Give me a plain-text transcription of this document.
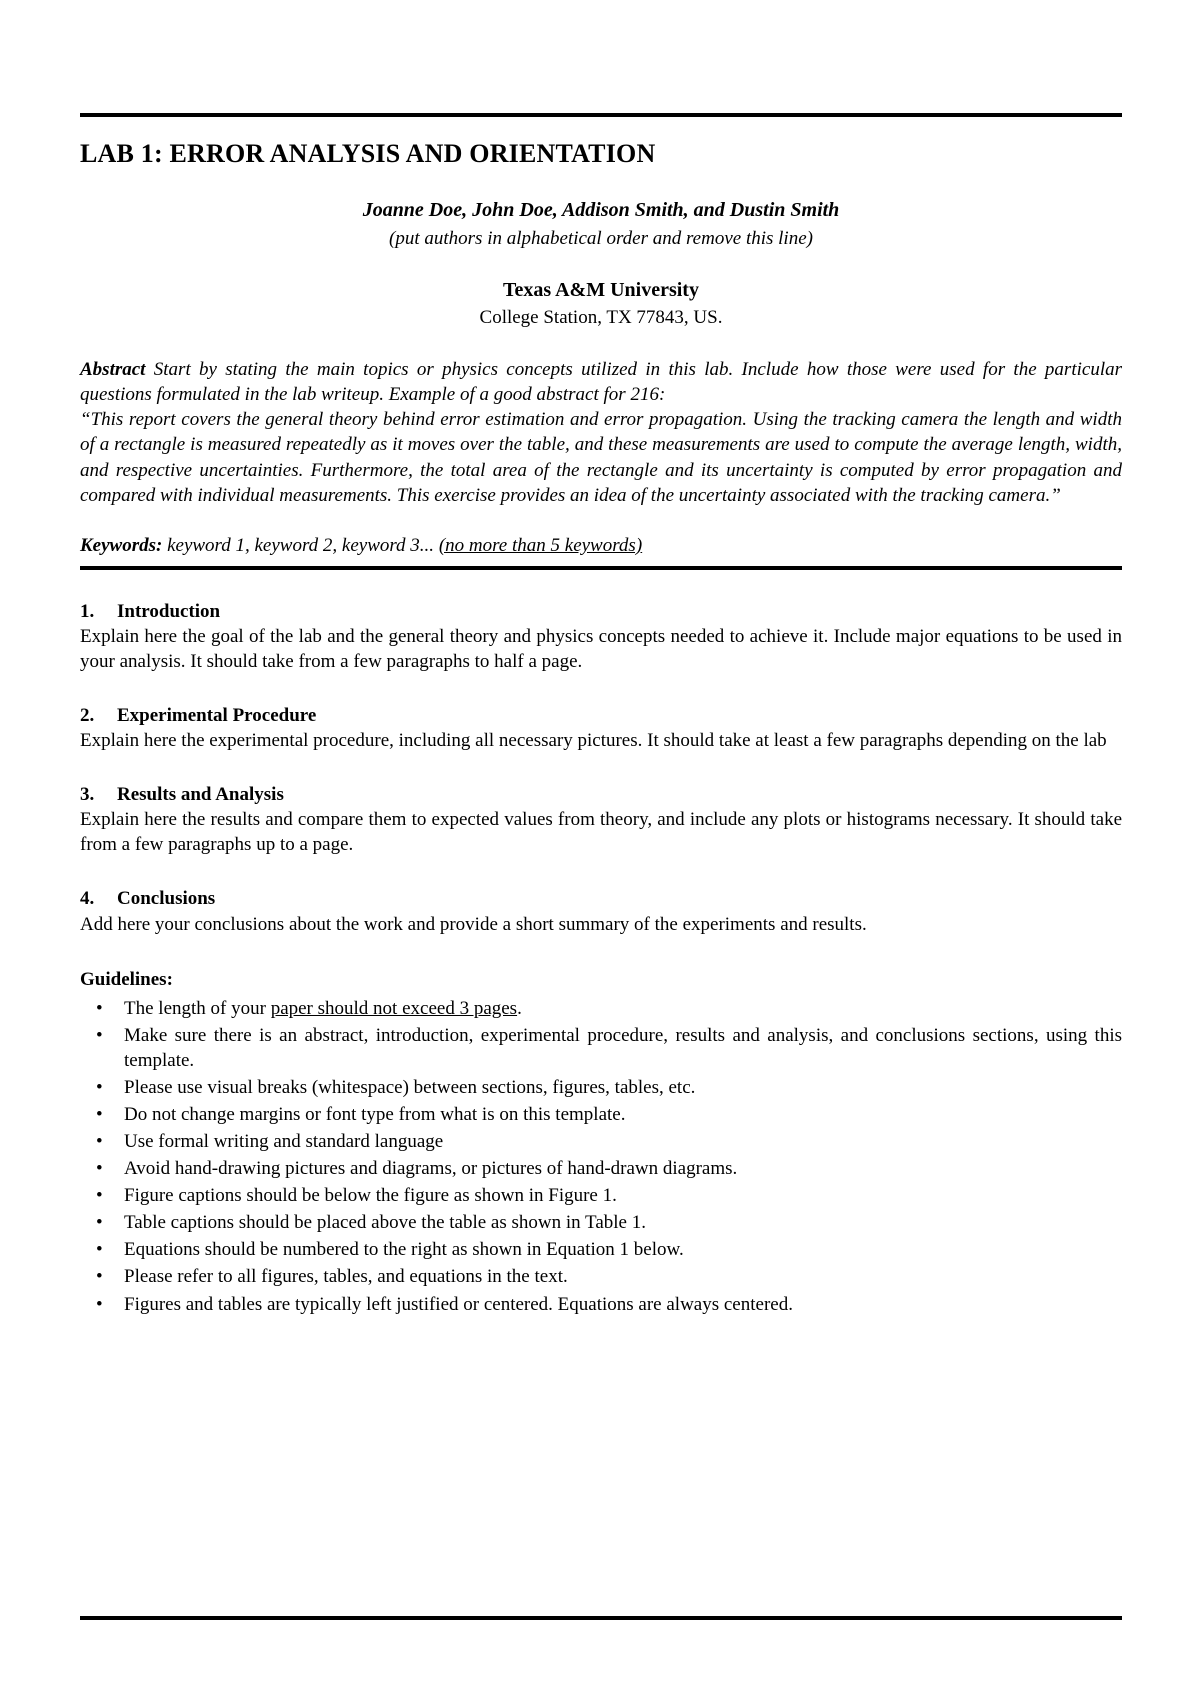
LAB 1: ERROR ANALYSIS AND ORIENTATION

Joanne Doe, John Doe, Addison Smith, and Dustin Smith

(put authors in alphabetical order and remove this line)

Texas A&M University

College Station, TX 77843, US.

Abstract Start by stating the main topics or physics concepts utilized in this lab. Include how those were used for the particular questions formulated in the lab writeup. Example of a good abstract for 216:

“This report covers the general theory behind error estimation and error propagation. Using the tracking camera the length and width of a rectangle is measured repeatedly as it moves over the table, and these measurements are used to compute the average length, width, and respective uncertainties. Furthermore, the total area of the rectangle and its uncertainty is computed by error propagation and compared with individual measurements. This exercise provides an idea of the uncertainty associated with the tracking camera.”

Keywords: keyword 1, keyword 2, keyword 3... (no more than 5 keywords)

1. Introduction

Explain here the goal of the lab and the general theory and physics concepts needed to achieve it. Include major equations to be used in your analysis. It should take from a few paragraphs to half a page.

2. Experimental Procedure

Explain here the experimental procedure, including all necessary pictures. It should take at least a few paragraphs depending on the lab

3. Results and Analysis

Explain here the results and compare them to expected values from theory, and include any plots or histograms necessary. It should take from a few paragraphs up to a page.

4. Conclusions

Add here your conclusions about the work and provide a short summary of the experiments and results.

Guidelines:

• The length of your paper should not exceed 3 pages.
• Make sure there is an abstract, introduction, experimental procedure, results and analysis, and conclusions sections, using this template.
• Please use visual breaks (whitespace) between sections, figures, tables, etc.
• Do not change margins or font type from what is on this template.
• Use formal writing and standard language
• Avoid hand-drawing pictures and diagrams, or pictures of hand-drawn diagrams.
• Figure captions should be below the figure as shown in Figure 1.
• Table captions should be placed above the table as shown in Table 1.
• Equations should be numbered to the right as shown in Equation 1 below.
• Please refer to all figures, tables, and equations in the text.
• Figures and tables are typically left justified or centered. Equations are always centered.
